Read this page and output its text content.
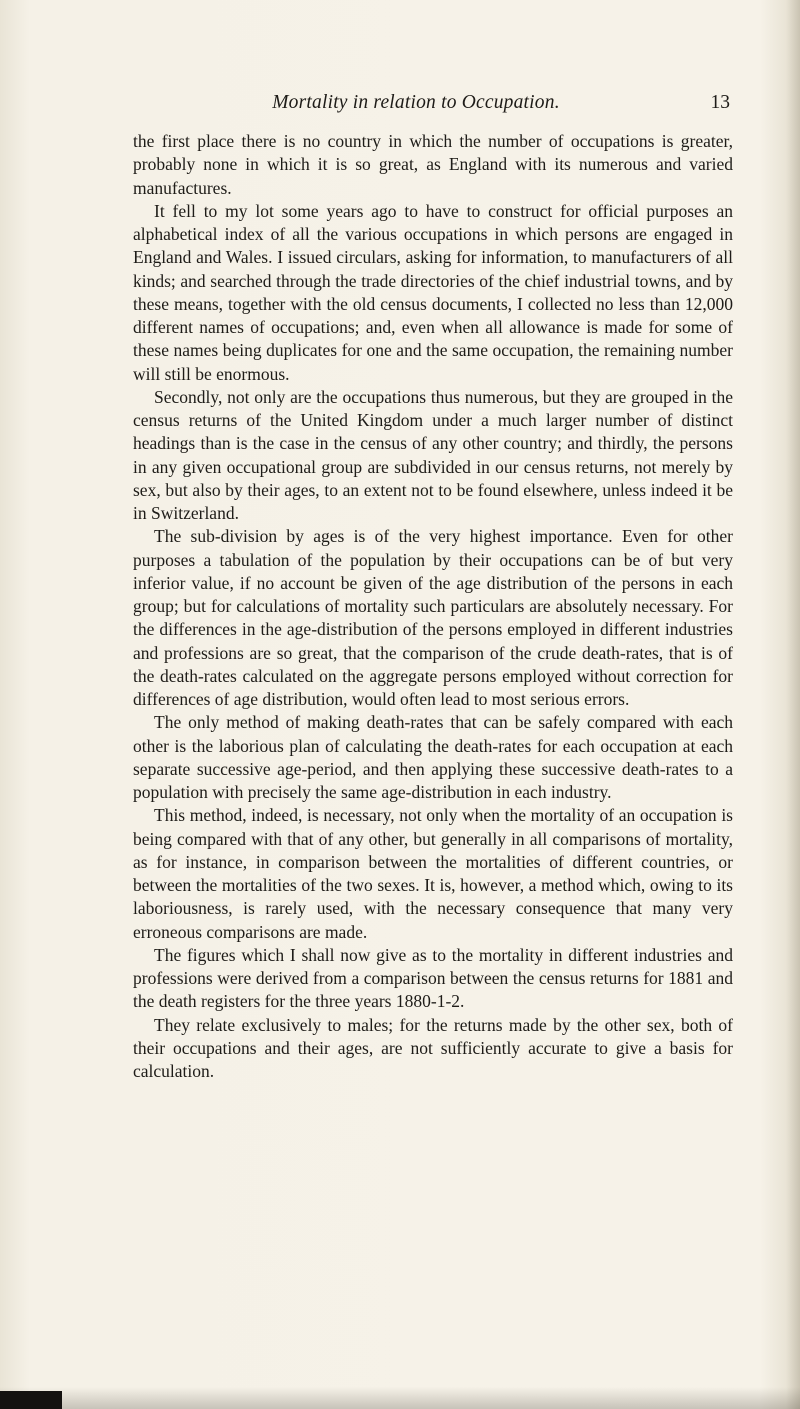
Mortality in relation to Occupation.	13

the first place there is no country in which the number of occupations is greater, probably none in which it is so great, as England with its numerous and varied manufactures.

It fell to my lot some years ago to have to construct for official purposes an alphabetical index of all the various occupations in which persons are engaged in England and Wales. I issued circulars, asking for information, to manufacturers of all kinds; and searched through the trade directories of the chief industrial towns, and by these means, together with the old census documents, I collected no less than 12,000 different names of occupations; and, even when all allowance is made for some of these names being duplicates for one and the same occupation, the remaining number will still be enormous.

Secondly, not only are the occupations thus numerous, but they are grouped in the census returns of the United Kingdom under a much larger number of distinct headings than is the case in the census of any other country; and thirdly, the persons in any given occupational group are subdivided in our census returns, not merely by sex, but also by their ages, to an extent not to be found elsewhere, unless indeed it be in Switzerland.

The sub-division by ages is of the very highest importance. Even for other purposes a tabulation of the population by their occupations can be of but very inferior value, if no account be given of the age distribution of the persons in each group; but for calculations of mortality such particulars are absolutely necessary. For the differences in the age-distribution of the persons employed in different industries and professions are so great, that the comparison of the crude death-rates, that is of the death-rates calculated on the aggregate persons employed without correction for differences of age distribution, would often lead to most serious errors.

The only method of making death-rates that can be safely compared with each other is the laborious plan of calculating the death-rates for each occupation at each separate successive age-period, and then applying these successive death-rates to a population with precisely the same age-distribution in each industry.

This method, indeed, is necessary, not only when the mortality of an occupation is being compared with that of any other, but generally in all comparisons of mortality, as for instance, in comparison between the mortalities of different countries, or between the mortalities of the two sexes. It is, however, a method which, owing to its laboriousness, is rarely used, with the necessary consequence that many very erroneous comparisons are made.

The figures which I shall now give as to the mortality in different industries and professions were derived from a comparison between the census returns for 1881 and the death registers for the three years 1880-1-2.

They relate exclusively to males; for the returns made by the other sex, both of their occupations and their ages, are not sufficiently accurate to give a basis for calculation.
